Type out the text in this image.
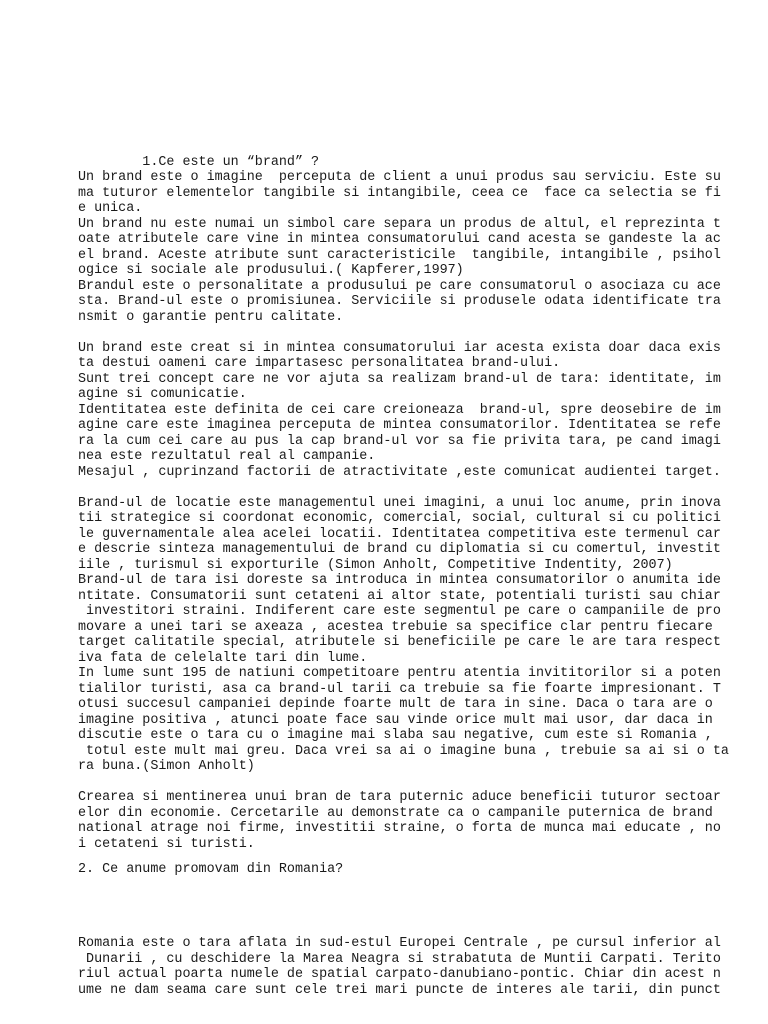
1.Ce este un “brand” ?
Un brand este o imagine  perceputa de client a unui produs sau serviciu. Este su
ma tuturor elementelor tangibile si intangibile, ceea ce  face ca selectia se fi
e unica.
Un brand nu este numai un simbol care separa un produs de altul, el reprezinta t
oate atributele care vine in mintea consumatorului cand acesta se gandeste la ac
el brand. Aceste atribute sunt caracteristicile  tangibile, intangibile , psihol
ogice si sociale ale produsului.( Kapferer,1997)
Brandul este o personalitate a produsului pe care consumatorul o asociaza cu ace
sta. Brand-ul este o promisiunea. Serviciile si produsele odata identificate tra
nsmit o garantie pentru calitate.
Un brand este creat si in mintea consumatorului iar acesta exista doar daca exis
ta destui oameni care impartasesc personalitatea brand-ului.
Sunt trei concept care ne vor ajuta sa realizam brand-ul de tara: identitate, im
agine si comunicatie.
Identitatea este definita de cei care creioneaza  brand-ul, spre deosebire de im
agine care este imaginea perceputa de mintea consumatorilor. Identitatea se refe
ra la cum cei care au pus la cap brand-ul vor sa fie privita tara, pe cand imagi
nea este rezultatul real al campanie.
Mesajul , cuprinzand factorii de atractivitate ,este comunicat audientei target.
Brand-ul de locatie este managementul unei imagini, a unui loc anume, prin inova
tii strategice si coordonat economic, comercial, social, cultural si cu politici
le guvernamentale alea acelei locatii. Identitatea competitiva este termenul car
e descrie sinteza managementului de brand cu diplomatia si cu comertul, investit
iile , turismul si exporturile (Simon Anholt, Competitive Indentity, 2007)
Brand-ul de tara isi doreste sa introduca in mintea consumatorilor o anumita ide
ntitate. Consumatorii sunt cetateni ai altor state, potentiali turisti sau chiar
investitori straini. Indiferent care este segmentul pe care o campaniile de pro
movare a unei tari se axeaza , acestea trebuie sa specifice clar pentru fiecare
target calitatile special, atributele si beneficiile pe care le are tara respect
iva fata de celelalte tari din lume.
In lume sunt 195 de natiuni competitoare pentru atentia invititorilor si a poten
tialilor turisti, asa ca brand-ul tarii ca trebuie sa fie foarte impresionant. T
otusi succesul campaniei depinde foarte mult de tara in sine. Daca o tara are o
imagine positiva , atunci poate face sau vinde orice mult mai usor, dar daca in
discutie este o tara cu o imagine mai slaba sau negative, cum este si Romania ,
totul este mult mai greu. Daca vrei sa ai o imagine buna , trebuie sa ai si o ta
ra buna.(Simon Anholt)
Crearea si mentinerea unui bran de tara puternic aduce beneficii tuturor sectoar
elor din economie. Cercetarile au demonstrate ca o campanile puternica de brand
national atrage noi firme, investitii straine, o forta de munca mai educate , no
i cetateni si turisti.
2. Ce anume promovam din Romania?
Romania este o tara aflata in sud-estul Europei Centrale , pe cursul inferior al
Dunarii , cu deschidere la Marea Neagra si strabatuta de Muntii Carpati. Terito
riul actual poarta numele de spatial carpato-danubiano-pontic. Chiar din acest n
ume ne dam seama care sunt cele trei mari puncte de interes ale tarii, din punct
